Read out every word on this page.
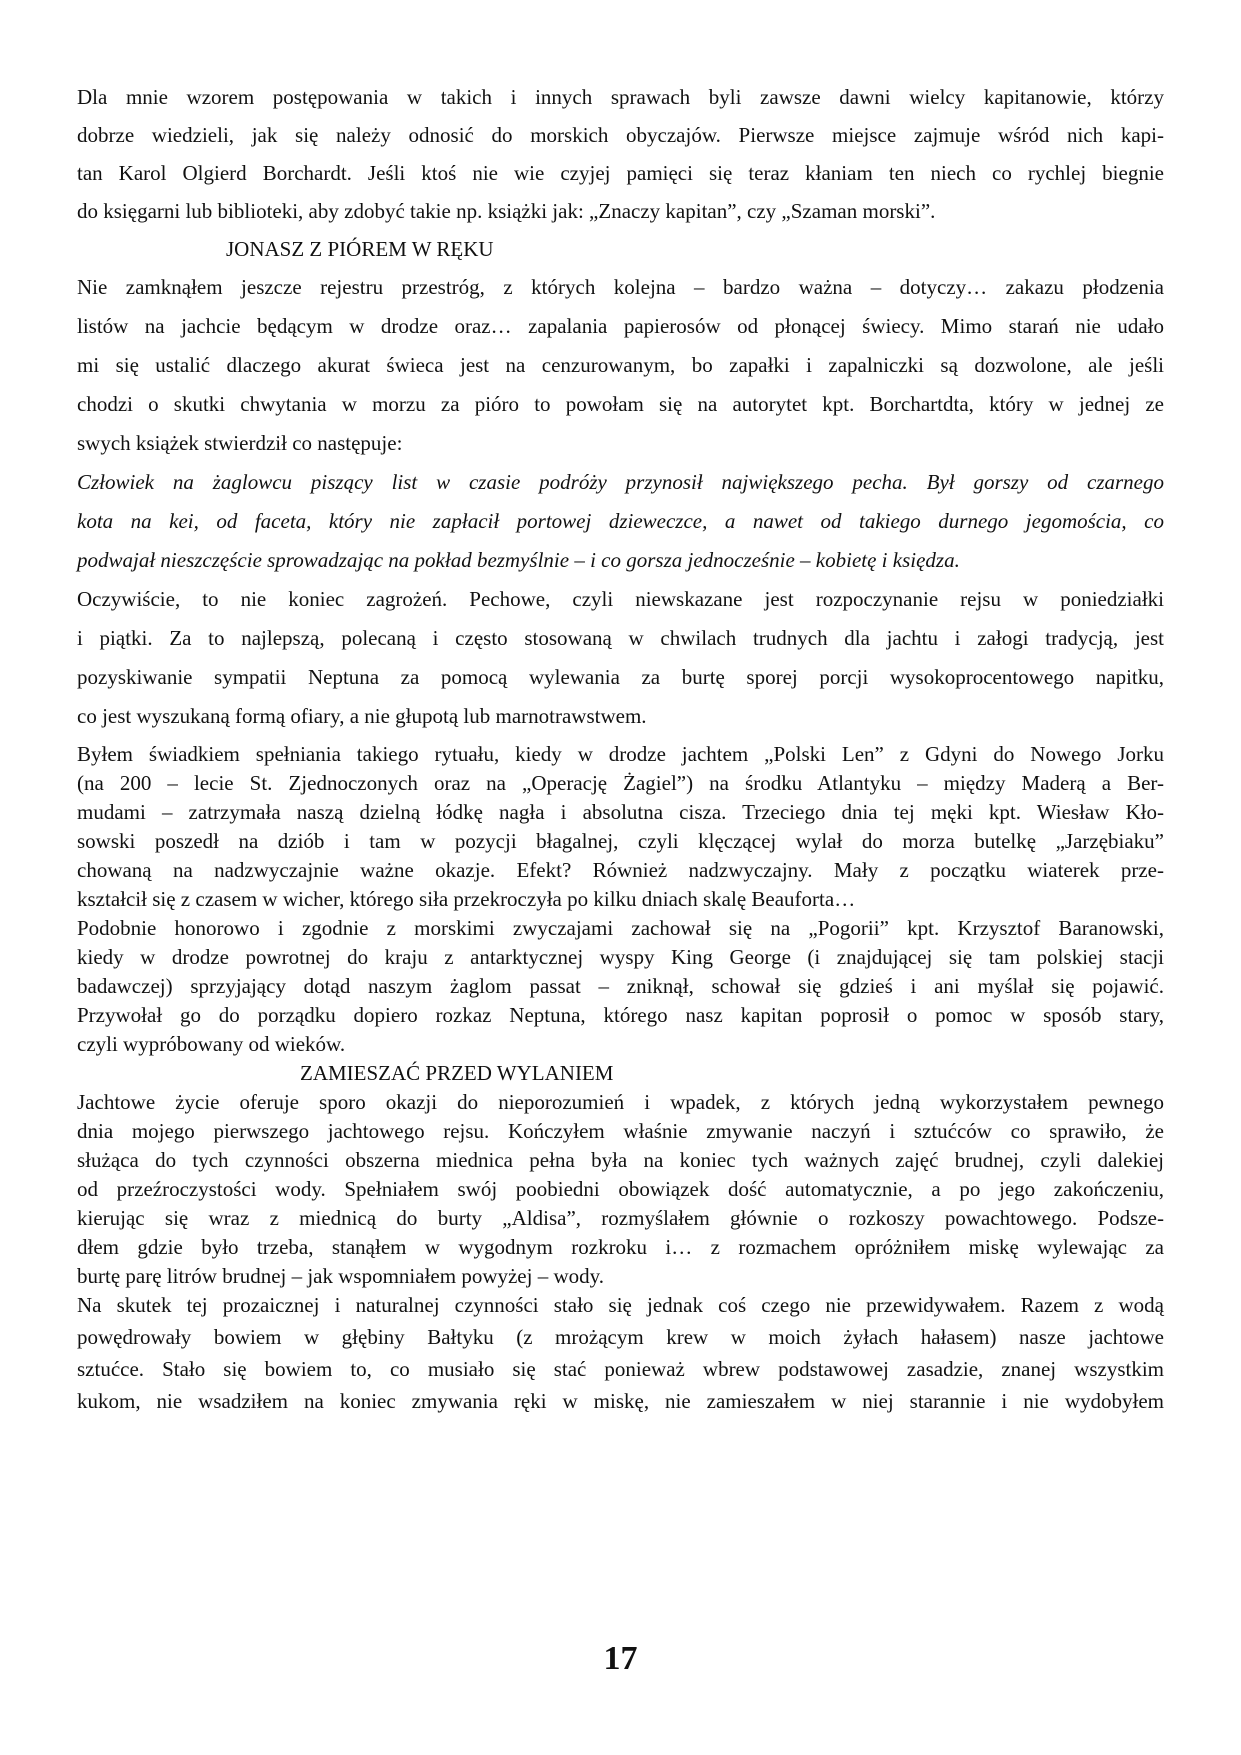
Dla mnie wzorem postępowania w takich i innych sprawach byli zawsze dawni wielcy kapitanowie, którzy
dobrze wiedzieli, jak się należy odnosić do morskich obyczajów. Pierwsze miejsce zajmuje wśród nich kapi-
tan Karol Olgierd Borchardt. Jeśli ktoś nie wie czyjej pamięci się teraz kłaniam ten niech co rychlej biegnie
do księgarni lub biblioteki, aby zdobyć takie np. książki jak: „Znaczy kapitan”, czy „Szaman morski”.
JONASZ Z PIÓREM W RĘKU
Nie zamknąłem jeszcze rejestru przestróg, z których kolejna – bardzo ważna – dotyczy… zakazu płodzenia
listów na jachcie będącym w drodze oraz… zapalania papierosów od płonącej świecy. Mimo starań nie udało
mi się ustalić dlaczego akurat świeca jest na cenzurowanym, bo zapałki i zapalniczki są dozwolone, ale jeśli
chodzi o skutki chwytania w morzu za pióro to powołam się na autorytet kpt. Borchartdta, który w jednej ze
swych książek stwierdził co następuje:
Człowiek na żaglowcu piszący list w czasie podróży przynosił największego pecha. Był gorszy od czarnego
kota na kei, od faceta, który nie zapłacił portowej dzieweczce, a nawet od takiego durnego jegomościa, co
podwajał nieszczęście sprowadzając na pokład bezmyślnie – i co gorsza jednocześnie – kobietę i księdza.
Oczywiście, to nie koniec zagrożeń. Pechowe, czyli niewskazane jest rozpoczynanie rejsu w poniedziałki
i piątki. Za to najlepszą, polecaną i często stosowaną w chwilach trudnych dla jachtu i załogi tradycją, jest
pozyskiwanie sympatii Neptuna za pomocą wylewania za burtę sporej porcji wysokoprocentowego napitku,
co jest wyszukaną formą ofiary, a nie głupotą lub marnotrawstwem.
Byłem świadkiem spełniania takiego rytuału, kiedy w drodze jachtem „Polski Len” z Gdyni do Nowego Jorku
(na 200 – lecie St. Zjednoczonych oraz na „Operację Żagiel”) na środku Atlantyku – między Maderą a Ber-
mudami – zatrzymała naszą dzielną łódkę nagła i absolutna cisza. Trzeciego dnia tej męki kpt. Wiesław Kło-
sowski poszedł na dziób i tam w pozycji błagalnej, czyli klęczącej wylał do morza butelkę „Jarzębiaku”
chowaną na nadzwyczajnie ważne okazje. Efekt? Również nadzwyczajny. Mały z początku wiaterek prze-
kształcił się z czasem w wicher, którego siła przekroczyła po kilku dniach skalę Beauforta…
Podobnie honorowo i zgodnie z morskimi zwyczajami zachował się na „Pogorii” kpt. Krzysztof Baranowski,
kiedy w drodze powrotnej do kraju z antarktycznej wyspy King George (i znajdującej się tam polskiej stacji
badawczej) sprzyjający dotąd naszym żaglom passat – zniknął, schował się gdzieś i ani myślał się pojawić.
Przywołał go do porządku dopiero rozkaz Neptuna, którego nasz kapitan poprosił o pomoc w sposób stary,
czyli wypróbowany od wieków.
ZAMIESZAĆ PRZED WYLANIEM
Jachtowe życie oferuje sporo okazji do nieporozumień i wpadek, z których jedną wykorzystałem pewnego
dnia mojego pierwszego jachtowego rejsu. Kończyłem właśnie zmywanie naczyń i sztućców co sprawiło, że
służąca do tych czynności obszerna miednica pełna była na koniec tych ważnych zajęć brudnej, czyli dalekiej
od przeźroczystości wody. Spełniałem swój poobiedni obowiązek dość automatycznie, a po jego zakończeniu,
kierując się wraz z miednicą do burty „Aldisa”, rozmyślałem głównie o rozkoszy powachtowego. Podsze-
dłem gdzie było trzeba, stanąłem w wygodnym rozkroku i… z rozmachem opróżniłem miskę wylewając za
burtę parę litrów brudnej – jak wspomniałem powyżej – wody.
Na skutek tej prozaicznej i naturalnej czynności stało się jednak coś czego nie przewidywałem. Razem z wodą
powędrowały bowiem w głębiny Bałtyku (z mrożącym krew w moich żyłach hałasem) nasze jachtowe
sztućce. Stało się bowiem to, co musiało się stać ponieważ wbrew podstawowej zasadzie, znanej wszystkim
kukom, nie wsadziłem na koniec zmywania ręki w miskę, nie zamieszałem w niej starannie i nie wydobyłem
17
